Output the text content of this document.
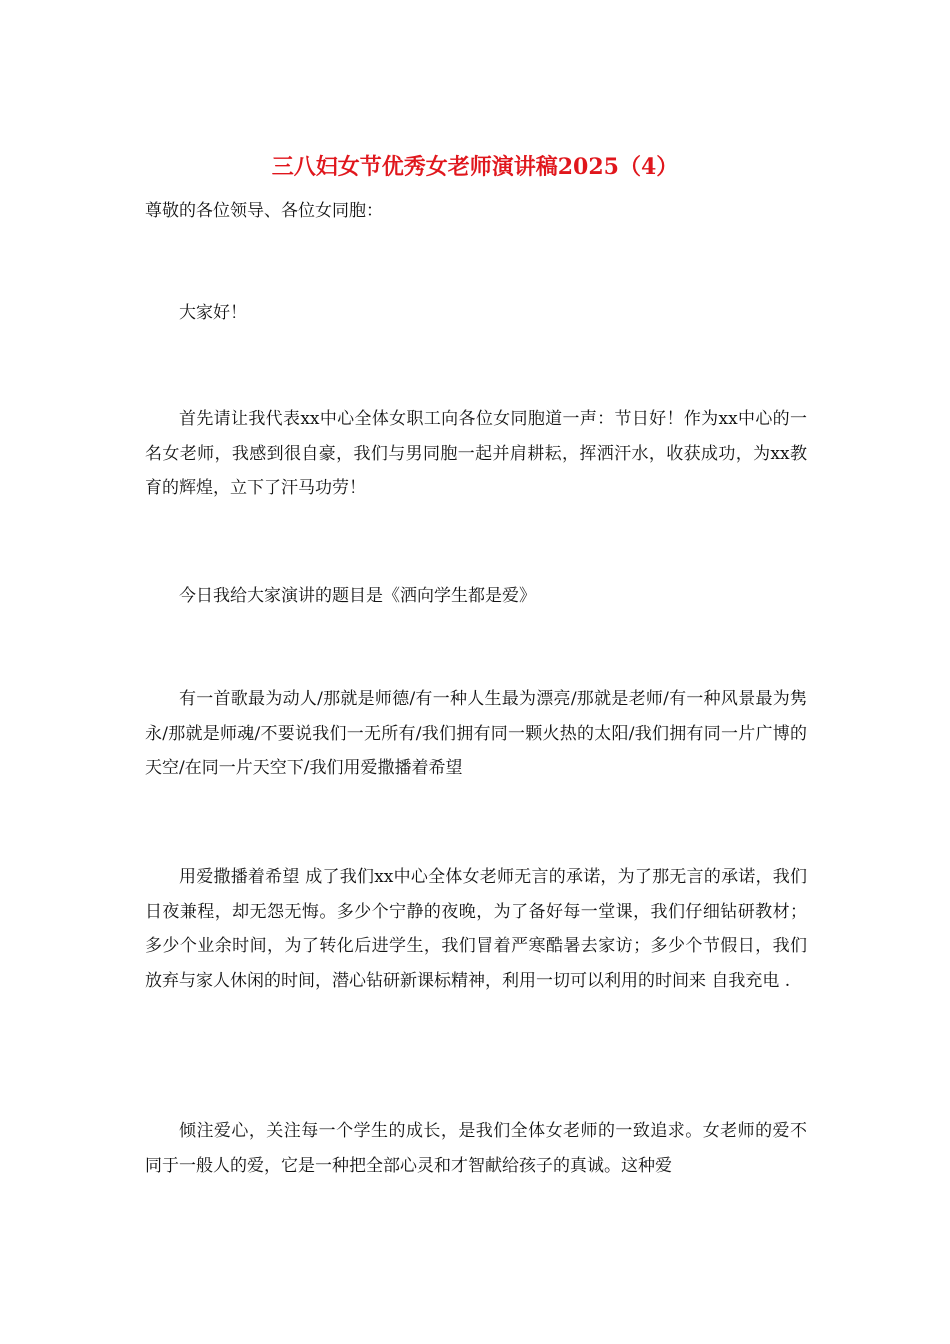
三八妇女节优秀女老师演讲稿2025（4）

尊敬的各位领导、各位女同胞：

大家好！

首先请让我代表xx中心全体女职工向各位女同胞道一声：节日好！作为xx中心的一名女老师，我感到很自豪，我们与男同胞一起并肩耕耘，挥洒汗水，收获成功，为xx教育的辉煌，立下了汗马功劳！

今日我给大家演讲的题目是《洒向学生都是爱》

有一首歌最为动人/那就是师德/有一种人生最为漂亮/那就是老师/有一种风景最为隽永/那就是师魂/不要说我们一无所有/我们拥有同一颗火热的太阳/我们拥有同一片广博的天空/在同一片天空下/我们用爱撒播着希望

用爱撒播着希望 成了我们xx中心全体女老师无言的承诺，为了那无言的承诺，我们日夜兼程，却无怨无悔。多少个宁静的夜晚，为了备好每一堂课，我们仔细钻研教材；多少个业余时间，为了转化后进学生，我们冒着严寒酷暑去家访；多少个节假日，我们放弃与家人休闲的时间，潜心钻研新课标精神，利用一切可以利用的时间来 自我充电 .

倾注爱心，关注每一个学生的成长，是我们全体女老师的一致追求。女老师的爱不同于一般人的爱，它是一种把全部心灵和才智献给孩子的真诚。这种爱
